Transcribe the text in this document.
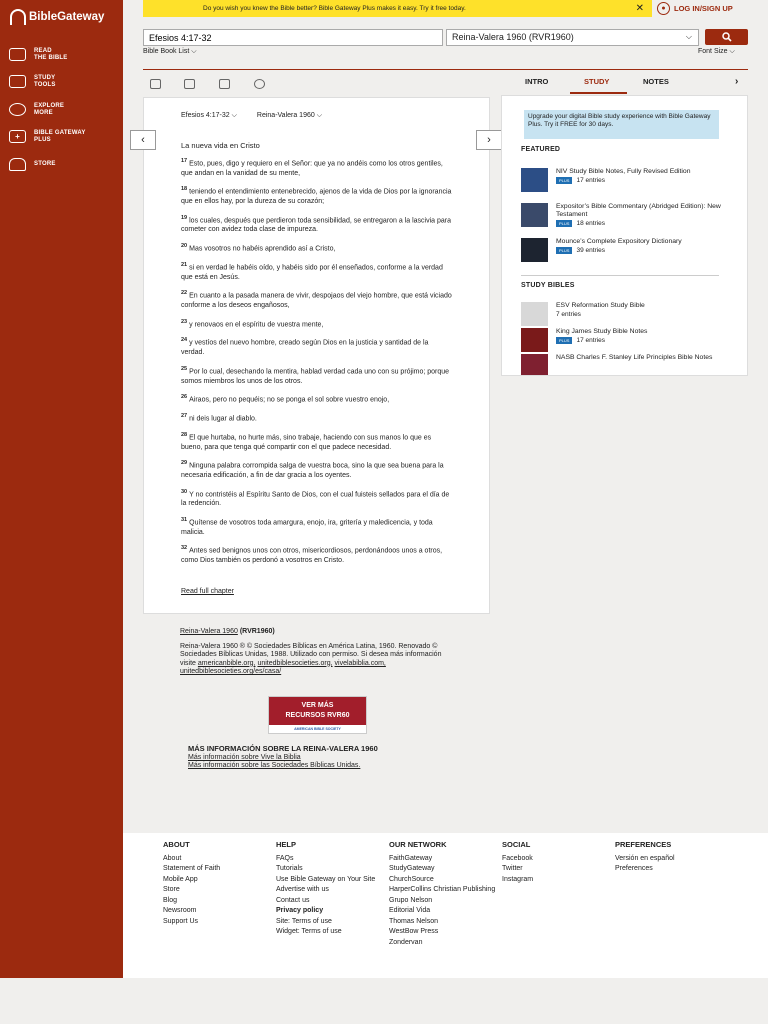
BibleGateway
READ
THE BIBLE
STUDY
TOOLS
EXPLORE
MORE
+	BIBLE GATEWAY
PLUS
STORE
Do you wish you knew the Bible better? Bible Gateway Plus makes it easy. Try it free today.	✕	●	LOG IN/SIGN UP
Efesios 4:17-32
Reina-Valera 1960 (RVR1960)	⌵
Bible Book List ⌵	Font Size ⌵
INTRO	STUDY	NOTES	›
Efesios 4:17-32 ⌵	Reina-Valera 1960 ⌵
La nueva vida en Cristo
$^{17}$ Esto, pues, digo y requiero en el Señor: que ya no andéis como los otros gentiles, que andan en la vanidad de su mente,
$^{18}$ teniendo el entendimiento entenebrecido, ajenos de la vida de Dios por la ignorancia que en ellos hay, por la dureza de su corazón;
$^{19}$ los cuales, después que perdieron toda sensibilidad, se entregaron a la lascivia para cometer con avidez toda clase de impureza.
$^{20}$ Mas vosotros no habéis aprendido así a Cristo,
$^{21}$ si en verdad le habéis oído, y habéis sido por él enseñados, conforme a la verdad que está en Jesús.
$^{22}$ En cuanto a la pasada manera de vivir, despojaos del viejo hombre, que está viciado conforme a los deseos engañosos,
$^{23}$ y renovaos en el espíritu de vuestra mente,
$^{24}$ y vestíos del nuevo hombre, creado según Dios en la justicia y santidad de la verdad.
$^{25}$ Por lo cual, desechando la mentira, hablad verdad cada uno con su prójimo; porque somos miembros los unos de los otros.
$^{26}$ Airaos, pero no pequéis; no se ponga el sol sobre vuestro enojo,
$^{27}$ ni deis lugar al diablo.
$^{28}$ El que hurtaba, no hurte más, sino trabaje, haciendo con sus manos lo que es bueno, para que tenga qué compartir con el que padece necesidad.
$^{29}$ Ninguna palabra corrompida salga de vuestra boca, sino la que sea buena para la necesaria edificación, a fin de dar gracia a los oyentes.
$^{30}$ Y no contristéis al Espíritu Santo de Dios, con el cual fuisteis sellados para el día de la redención.
$^{31}$ Quítense de vosotros toda amargura, enojo, ira, gritería y maledicencia, y toda malicia.
$^{32}$ Antes sed benignos unos con otros, misericordiosos, perdonándoos unos a otros, como Dios también os perdonó a vosotros en Cristo.
Read full chapter
‹	›
Upgrade your digital Bible study experience with Bible Gateway Plus. Try it FREE for 30 days.
FEATURED
NIV Study Bible Notes, Fully Revised Edition
PLUS	17 entries
Expositor’s Bible Commentary (Abridged Edition): New Testament
PLUS	18 entries
Mounce’s Complete Expository Dictionary
PLUS	39 entries
STUDY BIBLES
ESV Reformation Study Bible
7 entries
King James Study Bible Notes
PLUS	17 entries
NASB Charles F. Stanley Life Principles Bible Notes

Reina-Valera 1960 (RVR1960)

Reina-Valera 1960 ® © Sociedades Bíblicas en América Latina, 1960. Renovado © Sociedades Bíblicas Unidas, 1988. Utilizado con permiso. Si desea más información visite americanbible.org, unitedbiblesocieties.org, vivelabiblia.com, unitedbiblesocieties.org/es/casa/

VER MÁS
RECURSOS RVR60
AMERICAN BIBLE SOCIETY
MÁS INFORMACIÓN SOBRE LA REINA-VALERA 1960
Más información sobre Vive la Biblia
Más información sobre las Sociedades Bíblicas Unidas.
ABOUT
About
Statement of Faith
Mobile App
Store
Blog
Newsroom
Support Us
HELP
FAQs
Tutorials
Use Bible Gateway on Your Site
Advertise with us
Contact us
Privacy policy
Site: Terms of use
Widget: Terms of use
OUR NETWORK
FaithGateway
StudyGateway
ChurchSource
HarperCollins Christian Publishing
Grupo Nelson
Editorial Vida
Thomas Nelson
WestBow Press
Zondervan
SOCIAL
Facebook
Twitter
Instagram
PREFERENCES
Versión en español
Preferences
